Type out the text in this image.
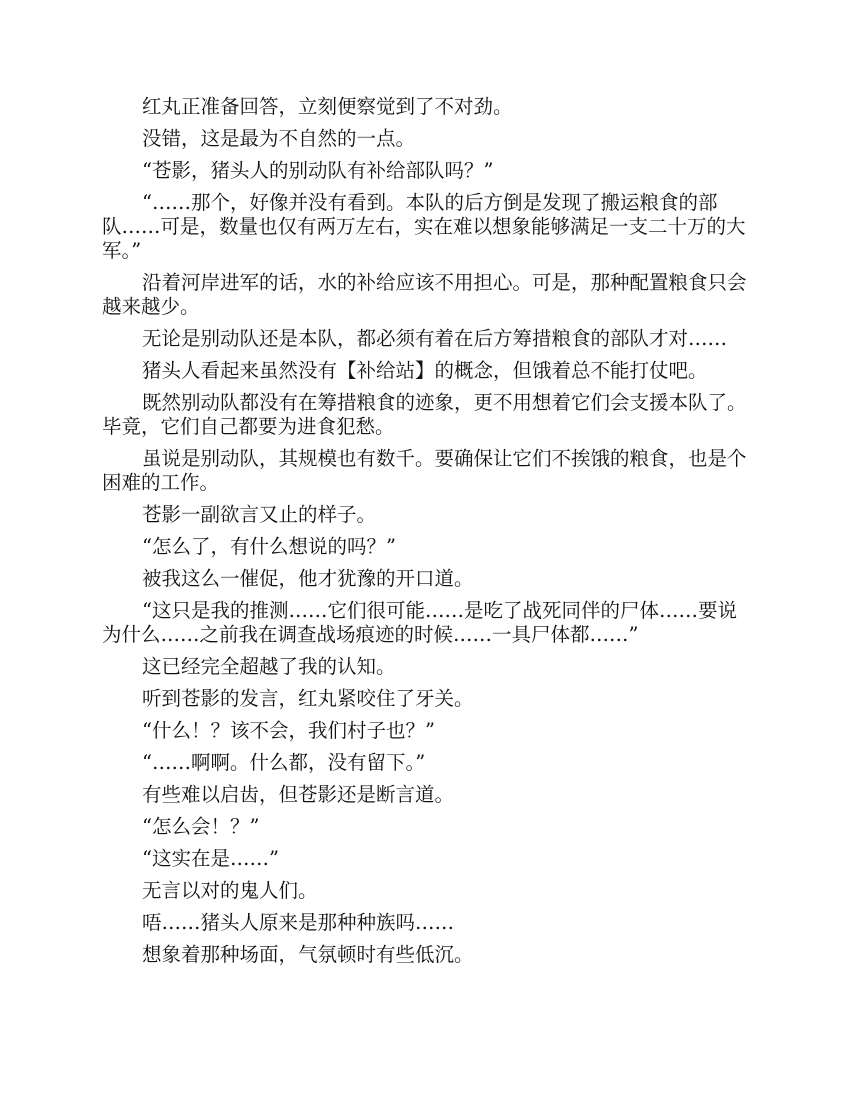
红丸正准备回答，立刻便察觉到了不对劲。

没错，这是最为不自然的一点。

“苍影，猪头人的别动队有补给部队吗？”

“……那个，好像并没有看到。本队的后方倒是发现了搬运粮食的部队……可是，数量也仅有两万左右，实在难以想象能够满足一支二十万的大军。”

沿着河岸进军的话，水的补给应该不用担心。可是，那种配置粮食只会越来越少。

无论是别动队还是本队，都必须有着在后方筹措粮食的部队才对……

猪头人看起来虽然没有【补给站】的概念，但饿着总不能打仗吧。

既然别动队都没有在筹措粮食的迹象，更不用想着它们会支援本队了。毕竟，它们自己都要为进食犯愁。

虽说是别动队，其规模也有数千。要确保让它们不挨饿的粮食，也是个困难的工作。

苍影一副欲言又止的样子。

“怎么了，有什么想说的吗？”

被我这么一催促，他才犹豫的开口道。

“这只是我的推测……它们很可能……是吃了战死同伴的尸体……要说为什么……之前我在调查战场痕迹的时候……一具尸体都……”

这已经完全超越了我的认知。

听到苍影的发言，红丸紧咬住了牙关。

“什么！？该不会，我们村子也？”

“……啊啊。什么都，没有留下。”

有些难以启齿，但苍影还是断言道。

“怎么会！？”

“这实在是……”

无言以对的鬼人们。

唔……猪头人原来是那种种族吗……

想象着那种场面，气氛顿时有些低沉。
